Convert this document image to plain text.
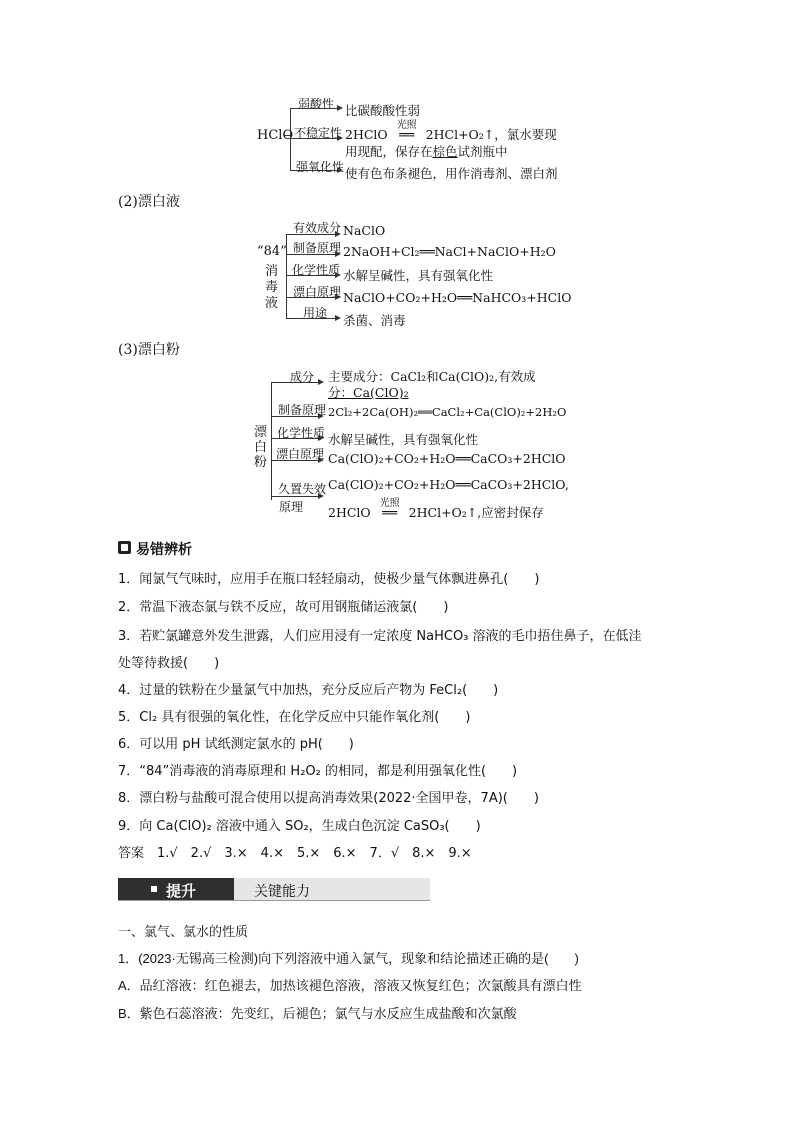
HClO
弱酸性 比碳酸酸性弱
不稳定性 2HClO
光照
══ 2HCl+O₂↑，氯水要现
用现配，保存在棕色试剂瓶中
强氧化性 使有色布条褪色，用作消毒剂、漂白剂
(2)漂白液
“84”
消
毒
液
有效成分 NaClO
制备原理 2NaOH+Cl₂══NaCl+NaClO+H₂O
化学性质 水解呈碱性，具有强氧化性
漂白原理 NaClO+CO₂+H₂O══NaHCO₃+HClO
用途 杀菌、消毒
(3)漂白粉
漂
白
粉
成分 主要成分：CaCl₂和Ca(ClO)₂,有效成
分：Ca(ClO)₂
制备原理 2Cl₂+2Ca(OH)₂══CaCl₂+Ca(ClO)₂+2H₂O
化学性质 水解呈碱性，具有强氧化性
漂白原理 Ca(ClO)₂+CO₂+H₂O══CaCO₃+2HClO
久置失效
原理
Ca(ClO)₂+CO₂+H₂O══CaCO₃+2HClO,
2HClO
光照
══ 2HCl+O₂↑,应密封保存
易错辨析
1．闻氯气气味时，应用手在瓶口轻轻扇动，使极少量气体飘进鼻孔(　　)
2．常温下液态氯与铁不反应，故可用钢瓶储运液氯(　　)
3．若贮氯罐意外发生泄露，人们应用浸有一定浓度 NaHCO₃ 溶液的毛巾捂住鼻子，在低洼
处等待救援(　　)
4．过量的铁粉在少量氯气中加热，充分反应后产物为 FeCl₂(　　)
5．Cl₂ 具有很强的氧化性，在化学反应中只能作氧化剂(　　)
6．可以用 pH 试纸测定氯水的 pH(　　)
7．“84”消毒液的消毒原理和 H₂O₂ 的相同，都是利用强氧化性(　　)
8．漂白粉与盐酸可混合使用以提高消毒效果(2022·全国甲卷，7A)(　　)
9．向 Ca(ClO)₂ 溶液中通入 SO₂，生成白色沉淀 CaSO₃(　　)
答案　1.√　2.√　3.×　4.×　5.×　6.×　7．√　8.×　9.×
提升	关键能力
一、氯气、氯水的性质
1．(2023·无锡高三检测)向下列溶液中通入氯气，现象和结论描述正确的是(　　)
A．品红溶液：红色褪去，加热该褪色溶液，溶液又恢复红色；次氯酸具有漂白性
B．紫色石蕊溶液：先变红，后褪色；氯气与水反应生成盐酸和次氯酸
